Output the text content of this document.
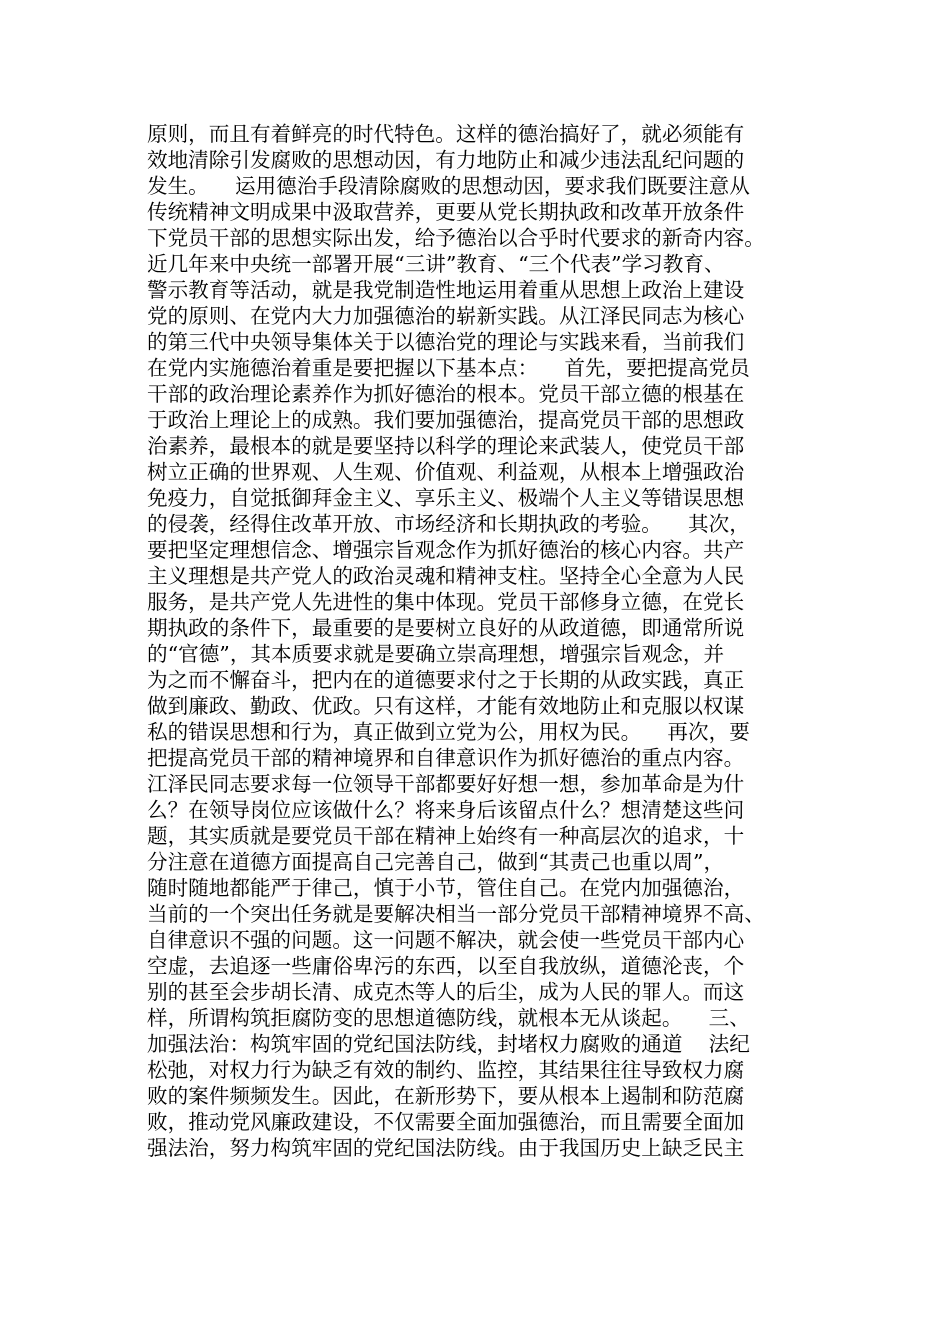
原则，而且有着鲜亮的时代特色。这样的德治搞好了，就必须能有
效地清除引发腐败的思想动因，有力地防止和减少违法乱纪问题的
发生。    运用德治手段清除腐败的思想动因，要求我们既要注意从
传统精神文明成果中汲取营养，更要从党长期执政和改革开放条件
下党员干部的思想实际出发，给予德治以合乎时代要求的新奇内容。
近几年来中央统一部署开展“三讲”教育、“三个代表”学习教育、
警示教育等活动，就是我党制造性地运用着重从思想上政治上建设
党的原则、在党内大力加强德治的崭新实践。从江泽民同志为核心
的第三代中央领导集体关于以德治党的理论与实践来看，当前我们
在党内实施德治着重是要把握以下基本点：    首先，要把提高党员
干部的政治理论素养作为抓好德治的根本。党员干部立德的根基在
于政治上理论上的成熟。我们要加强德治，提高党员干部的思想政
治素养，最根本的就是要坚持以科学的理论来武装人，使党员干部
树立正确的世界观、人生观、价值观、利益观，从根本上增强政治
免疫力，自觉抵御拜金主义、享乐主义、极端个人主义等错误思想
的侵袭，经得住改革开放、市场经济和长期执政的考验。    其次，
要把坚定理想信念、增强宗旨观念作为抓好德治的核心内容。共产
主义理想是共产党人的政治灵魂和精神支柱。坚持全心全意为人民
服务，是共产党人先进性的集中体现。党员干部修身立德，在党长
期执政的条件下，最重要的是要树立良好的从政道德，即通常所说
的“官德”，其本质要求就是要确立崇高理想，增强宗旨观念，并
为之而不懈奋斗，把内在的道德要求付之于长期的从政实践，真正
做到廉政、勤政、优政。只有这样，才能有效地防止和克服以权谋
私的错误思想和行为，真正做到立党为公，用权为民。    再次，要
把提高党员干部的精神境界和自律意识作为抓好德治的重点内容。
江泽民同志要求每一位领导干部都要好好想一想，参加革命是为什
么？在领导岗位应该做什么？将来身后该留点什么？想清楚这些问
题，其实质就是要党员干部在精神上始终有一种高层次的追求，十
分注意在道德方面提高自己完善自己，做到“其责己也重以周”，
随时随地都能严于律己，慎于小节，管住自己。在党内加强德治，
当前的一个突出任务就是要解决相当一部分党员干部精神境界不高、
自律意识不强的问题。这一问题不解决，就会使一些党员干部内心
空虚，去追逐一些庸俗卑污的东西，以至自我放纵，道德沦丧，个
别的甚至会步胡长清、成克杰等人的后尘，成为人民的罪人。而这
样，所谓构筑拒腐防变的思想道德防线，就根本无从谈起。    三、
加强法治：构筑牢固的党纪国法防线，封堵权力腐败的通道    法纪
松弛，对权力行为缺乏有效的制约、监控，其结果往往导致权力腐
败的案件频频发生。因此，在新形势下，要从根本上遏制和防范腐
败，推动党风廉政建设，不仅需要全面加强德治，而且需要全面加
强法治，努力构筑牢固的党纪国法防线。由于我国历史上缺乏民主
